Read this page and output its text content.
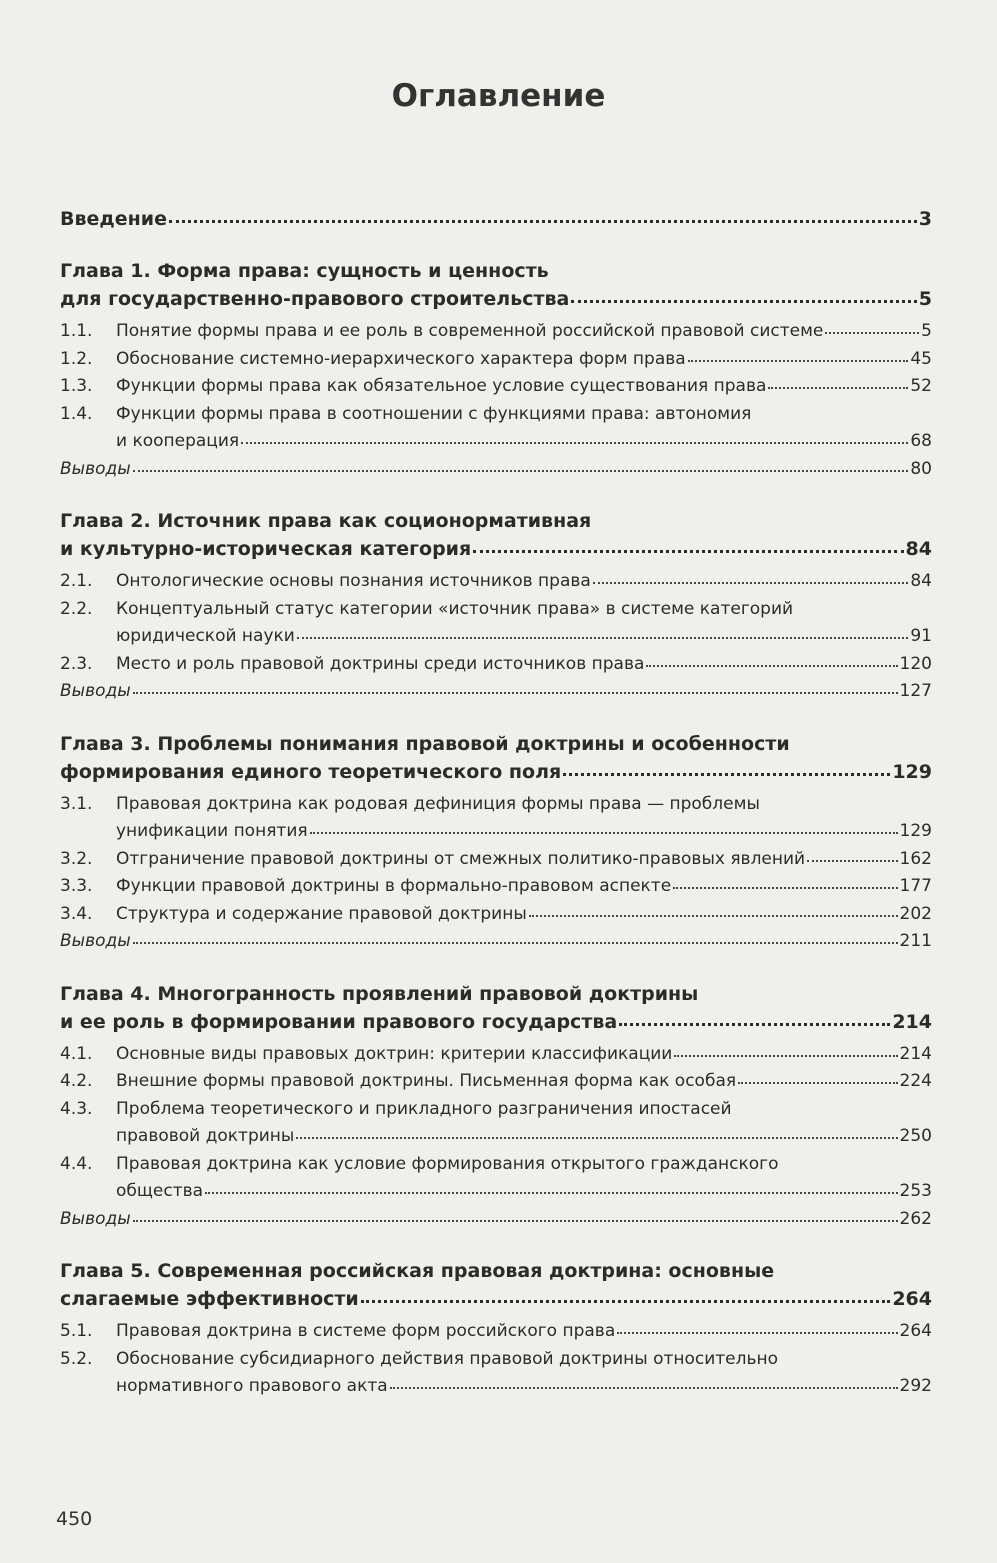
Оглавление
Введение	3
Глава 1. Форма права: сущность и ценность
для государственно-правового строительства	5
1.1.	Понятие формы права и ее роль в современной российской правовой системе	5
1.2.	Обоснование системно-иерархического характера форм права	45
1.3.	Функции формы права как обязательное условие существования права	52
1.4.	Функции формы права в соотношении с функциями права: автономия
и кооперация	68
Выводы	80
Глава 2. Источник права как соционормативная
и культурно-историческая категория	84
2.1.	Онтологические основы познания источников права	84
2.2.	Концептуальный статус категории «источник права» в системе категорий
юридической науки	91
2.3.	Место и роль правовой доктрины среди источников права	120
Выводы	127
Глава 3. Проблемы понимания правовой доктрины и особенности
формирования единого теоретического поля	129
3.1.	Правовая доктрина как родовая дефиниция формы права — проблемы
унификации понятия	129
3.2.	Отграничение правовой доктрины от смежных политико-правовых явлений	162
3.3.	Функции правовой доктрины в формально-правовом аспекте	177
3.4.	Структура и содержание правовой доктрины	202
Выводы	211
Глава 4. Многогранность проявлений правовой доктрины
и ее роль в формировании правового государства	214
4.1.	Основные виды правовых доктрин: критерии классификации	214
4.2.	Внешние формы правовой доктрины. Письменная форма как особая	224
4.3.	Проблема теоретического и прикладного разграничения ипостасей
правовой доктрины	250
4.4.	Правовая доктрина как условие формирования открытого гражданского
общества	253
Выводы	262
Глава 5. Современная российская правовая доктрина: основные
слагаемые эффективности	264
5.1.	Правовая доктрина в системе форм российского права	264
5.2.	Обоснование субсидиарного действия правовой доктрины относительно
нормативного правового акта	292
450
